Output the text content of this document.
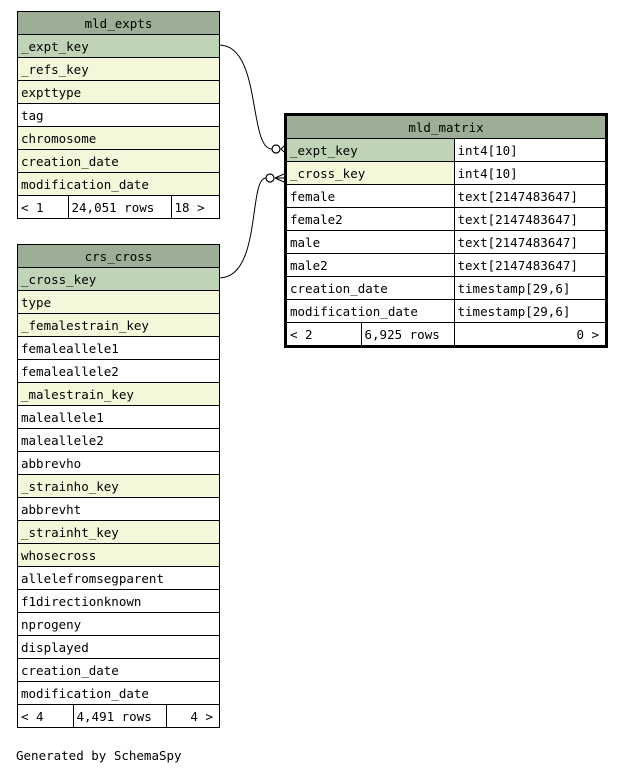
mld_expts
_expt_key
_refs_key
expttype
tag
chromosome
creation_date
modification_date
< 1	24,051 rows	18 >
crs_cross
_cross_key
type
_femalestrain_key
femaleallele1
femaleallele2
_malestrain_key
maleallele1
maleallele2
abbrevho
_strainho_key
abbrevht
_strainht_key
whosecross
allelefromsegparent
f1directionknown
nprogeny
displayed
creation_date
modification_date
< 4	4,491 rows	4 >
mld_matrix		
_expt_key		int4[10]
_cross_key		int4[10]
female		text[2147483647]
female2		text[2147483647]
male		text[2147483647]
male2		text[2147483647]
creation_date		timestamp[29,6]
modification_date		timestamp[29,6]
< 2	6,925 rows	0 >
Generated by SchemaSpy
